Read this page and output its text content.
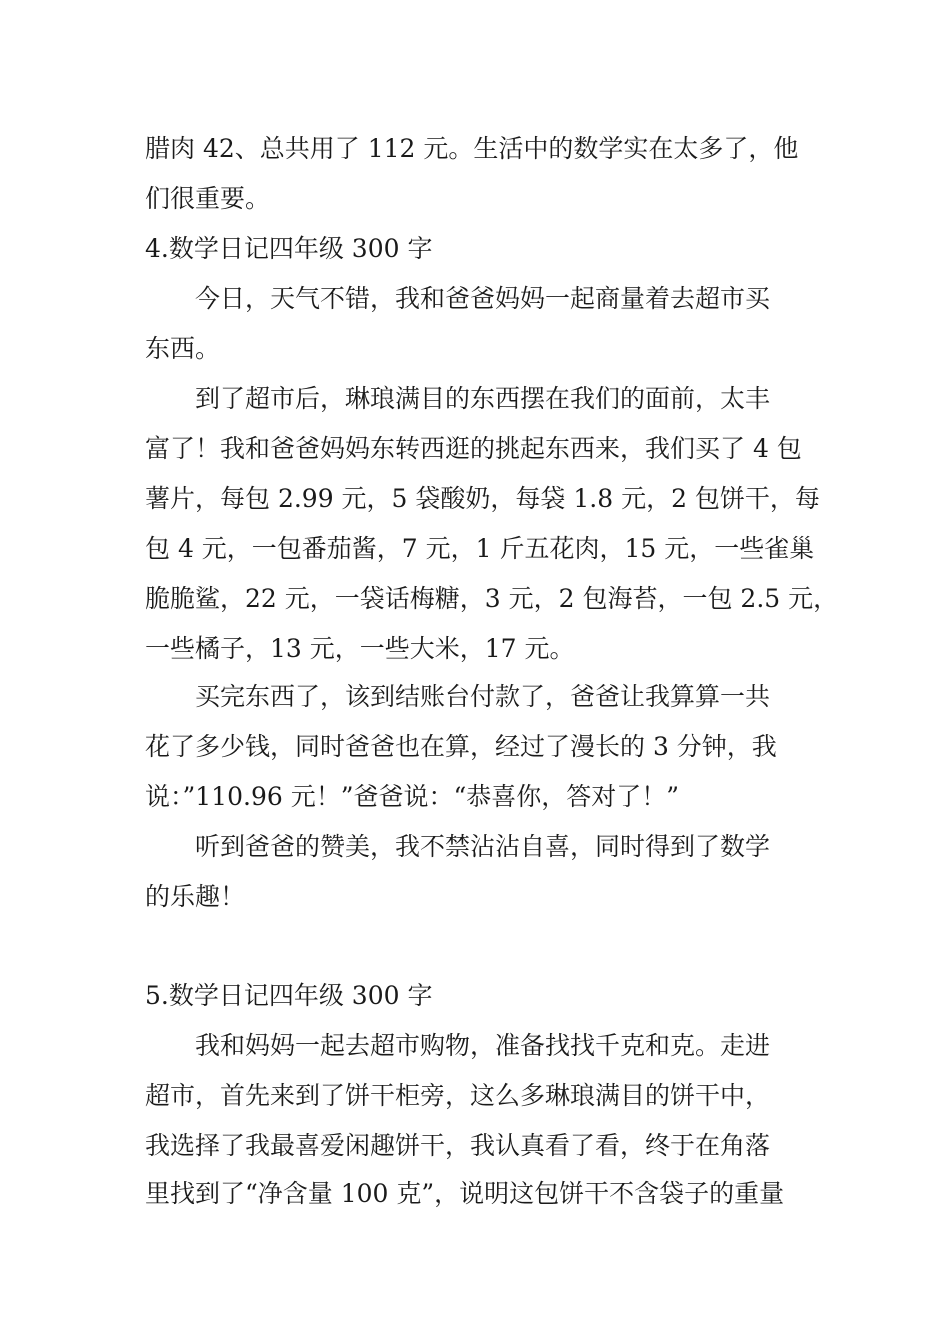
腊肉 42、总共用了 112 元。生活中的数学实在太多了，他

们很重要。

4.数学日记四年级 300 字

今日，天气不错，我和爸爸妈妈一起商量着去超市买

东西。

到了超市后，琳琅满目的东西摆在我们的面前，太丰

富了！我和爸爸妈妈东转西逛的挑起东西来，我们买了 4 包

薯片，每包 2.99 元，5 袋酸奶，每袋 1.8 元，2 包饼干，每

包 4 元，一包番茄酱，7 元，1 斤五花肉，15 元，一些雀巢

脆脆鲨，22 元，一袋话梅糖，3 元，2 包海苔，一包 2.5 元，

一些橘子，13 元，一些大米，17 元。

买完东西了，该到结账台付款了，爸爸让我算算一共

花了多少钱，同时爸爸也在算，经过了漫长的 3 分钟，我

说：”110.96 元！”爸爸说：“恭喜你，答对了！”

听到爸爸的赞美，我不禁沾沾自喜，同时得到了数学

的乐趣！

5.数学日记四年级 300 字

我和妈妈一起去超市购物，准备找找千克和克。走进

超市，首先来到了饼干柜旁，这么多琳琅满目的饼干中，

我选择了我最喜爱闲趣饼干，我认真看了看，终于在角落

里找到了“净含量 100 克”，说明这包饼干不含袋子的重量
